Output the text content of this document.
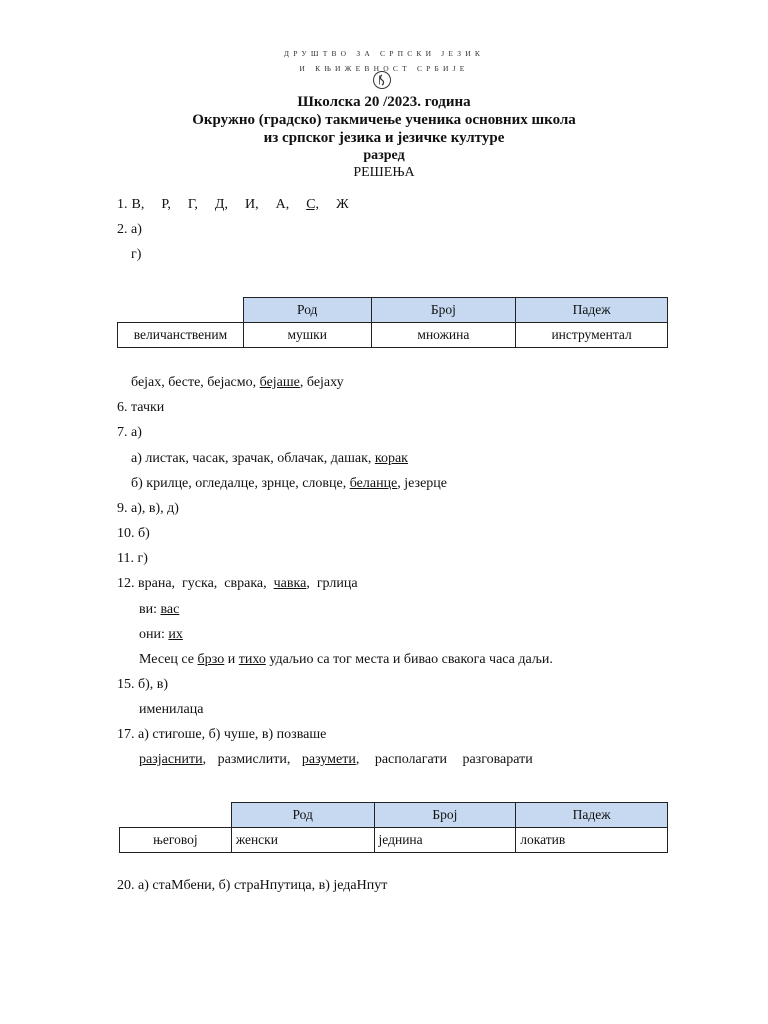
ДРУШТВО ЗА СРПСКИ ЈЕЗИК
И КЊИЖЕВНОСТ СРБИЈЕ
Школска 20 /2023. година
Окружно (градско) такмичење ученика основних школа
из српског језика и језичке културе
разред
РЕШЕЊА
1. В, Р, Г, Д, И, А, С, Ж
2. а)
г)
	Род	Број	Падеж
величанственим	мушки	множина	инструментал
бејах, бесте, бејасмо, бејаше, бејаху
6. тачки
7. а)
а) листак, часак, зрачак, облачак, дашак, корак
б) крилце, огледалце, зрнце, словце, беланце, језерце
9. а), в), д)
10. б)
11. г)
12. врана,  гуска,  сврака,  чавка,  грлица
ви: вас
они: их
Месец се брзо и тихо удаљио са тог места и бивао свакога часа даљи.
15. б), в)
именилаца
17. а) стигоше, б) чуше, в) позваше
разјаснити, размислити, разумети, располагати разговарати
	Род	Број	Падеж
његовој	женски	једнина	локатив
20. а) стаМбени, б) страНпутица, в) једаНпут
